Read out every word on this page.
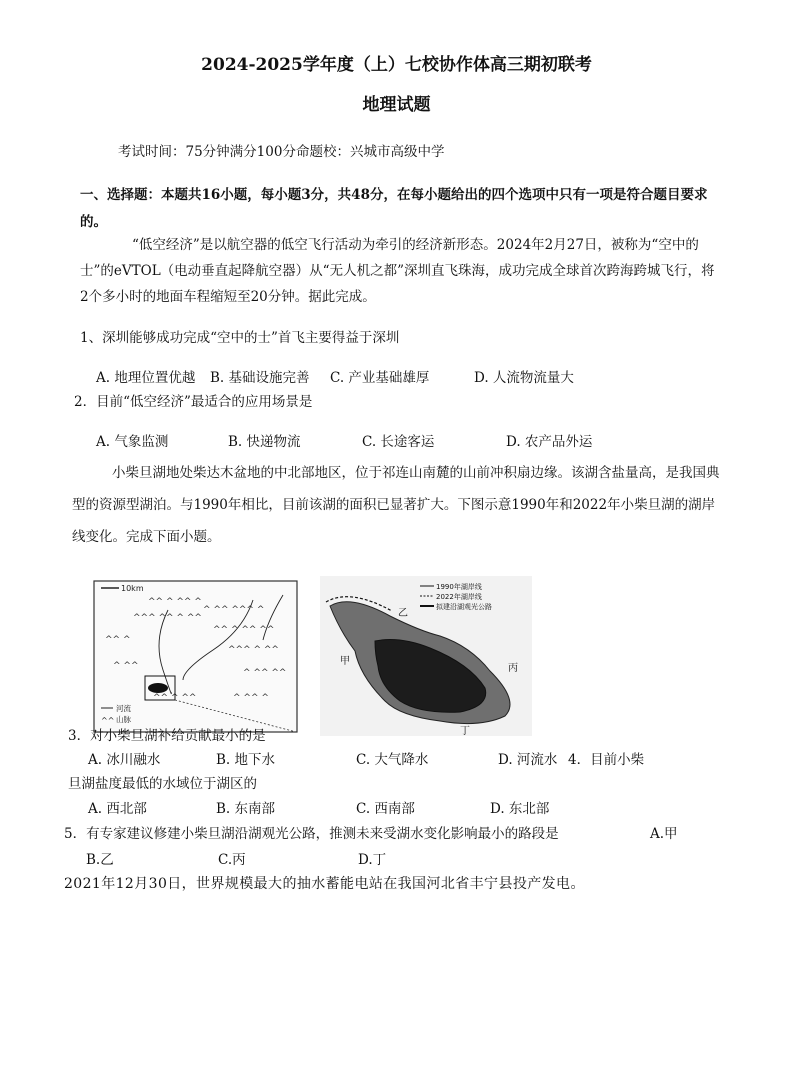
2024-2025学年度（上）七校协作体高三期初联考
地理试题

考试时间：75分钟满分100分命题校：兴城市高级中学

一、选择题：本题共16小题，每小题3分，共48分，在每小题给出的四个选项中只有一项是符合题目要求的。

“低空经济”是以航空器的低空飞行活动为牵引的经济新形态。2024年2月27日，被称为“空中的士”的eVTOL（电动垂直起降航空器）从“无人机之都”深圳直飞珠海，成功完成全球首次跨海跨城飞行，将2个多小时的地面车程缩短至20分钟。据此完成。

1、深圳能够成功完成“空中的士”首飞主要得益于深圳

A. 地理位置优越 B. 基础设施完善 C. 产业基础雄厚	D. 人流物流量大

2．目前“低空经济”最适合的应用场景是

A. 气象监测	B. 快递物流	C. 长途客运	D. 农产品外运

小柴旦湖地处柴达木盆地的中北部地区，位于祁连山南麓的山前冲积扇边缘。该湖含盐量高，是我国典型的资源型湖泊。与1990年相比，目前该湖的面积已显著扩大。下图示意1990年和2022年小柴旦湖的湖岸线变化。完成下面小题。

10km
^^ ^ ^^ ^
^^^ ^^ ^ ^^
^ ^^ ^^^ ^
^^ ^ ^^ ^^
^^^ ^ ^^
^ ^^ ^^
^^ ^
^ ^^
^^ ^ ^^	^ ^^ ^
河流
^^ 山脉
乙
甲
丙
丁
1990年湖岸线
2022年湖岸线
拟建沿湖观光公路

3．对小柴旦湖补给贡献最小的是

A. 冰川融水	B. 地下水	C. 大气降水	D. 河流水 4．目前小柴

旦湖盐度最低的水域位于湖区的

A. 西北部	B. 东南部	C. 西南部	D. 东北部

5．有专家建议修建小柴旦湖沿湖观光公路，推测未来受湖水变化影响最小的路段是	A.甲
B.乙	C.丙	D.丁

2021年12月30日，世界规模最大的抽水蓄能电站在我国河北省丰宁县投产发电。
